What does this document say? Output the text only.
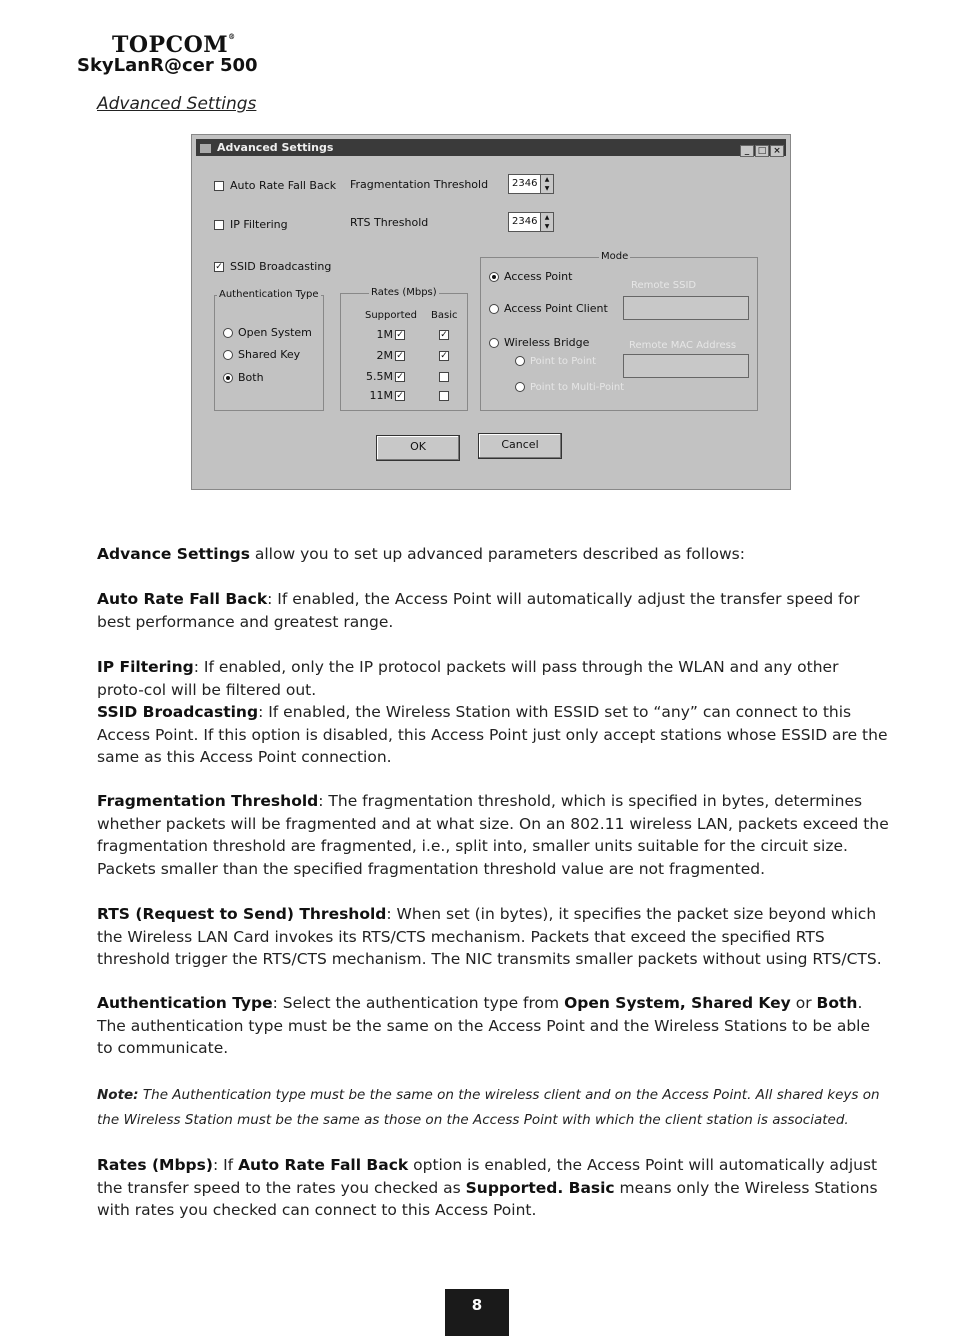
TOPCOM®
SkyLanR@cer 500
Advanced Settings
Advanced Settings	_ □ ×
Auto Rate Fall Back
IP Filtering
✓ SSID Broadcasting
Fragmentation Threshold	2346	▲
▼
RTS Threshold	2346	▲
▼
Authentication Type
Open System
Shared Key
Both
Rates (Mbps)
Supported Basic
1M ✓	✓
2M ✓	✓
5.5M ✓
11M ✓
Mode
Access Point
Remote SSID
Access Point Client
Wireless Bridge	Remote MAC Address
Point to Point
Point to Multi-Point
OK	Cancel
Advance Settings allow you to set up advanced parameters described as follows:
Auto Rate Fall Back: If enabled, the Access Point will automatically adjust the transfer speed for best performance and greatest range.
IP Filtering: If enabled, only the IP protocol packets will pass through the WLAN and any other proto-col will be filtered out.
SSID Broadcasting: If enabled, the Wireless Station with ESSID set to “any” can connect to this Access Point. If this option is disabled, this Access Point just only accept stations whose ESSID are the same as this Access Point connection.
Fragmentation Threshold: The fragmentation threshold, which is specified in bytes, determines whether packets will be fragmented and at what size. On an 802.11 wireless LAN, packets exceed the fragmentation threshold are fragmented, i.e., split into, smaller units suitable for the circuit size. Packets smaller than the specified fragmentation threshold value are not fragmented.
RTS (Request to Send) Threshold: When set (in bytes), it specifies the packet size beyond which the Wireless LAN Card invokes its RTS/CTS mechanism. Packets that exceed the specified RTS threshold trigger the RTS/CTS mechanism. The NIC transmits smaller packets without using RTS/CTS.
Authentication Type: Select the authentication type from Open System, Shared Key or Both. The authentication type must be the same on the Access Point and the Wireless Stations to be able to communicate.
Note: The Authentication type must be the same on the wireless client and on the Access Point. All shared keys on the Wireless Station must be the same as those on the Access Point with which the client station is associated.
Rates (Mbps): If Auto Rate Fall Back option is enabled, the Access Point will automatically adjust the transfer speed to the rates you checked as Supported. Basic means only the Wireless Stations with rates you checked can connect to this Access Point.
8
